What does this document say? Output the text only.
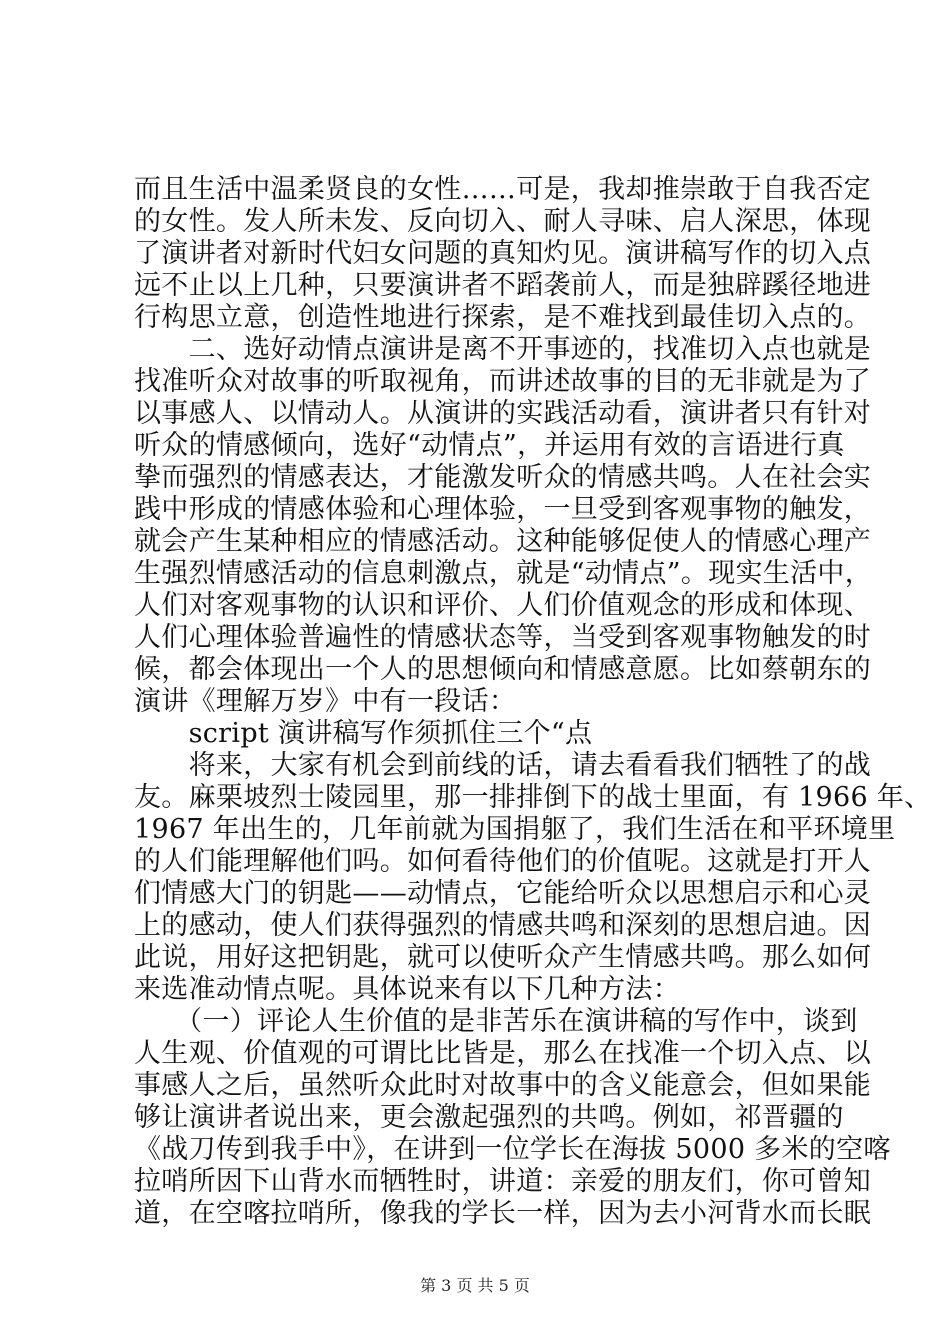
而且生活中温柔贤良的女性……可是，我却推崇敢于自我否定
的女性。发人所未发、反向切入、耐人寻味、启人深思，体现
了演讲者对新时代妇女问题的真知灼见。演讲稿写作的切入点
远不止以上几种，只要演讲者不蹈袭前人，而是独辟蹊径地进
行构思立意，创造性地进行探索，是不难找到最佳切入点的。
　　二、选好动情点演讲是离不开事迹的，找准切入点也就是
找准听众对故事的听取视角，而讲述故事的目的无非就是为了
以事感人、以情动人。从演讲的实践活动看，演讲者只有针对
听众的情感倾向，选好“动情点”，并运用有效的言语进行真
挚而强烈的情感表达，才能激发听众的情感共鸣。人在社会实
践中形成的情感体验和心理体验，一旦受到客观事物的触发，
就会产生某种相应的情感活动。这种能够促使人的情感心理产
生强烈情感活动的信息刺激点，就是“动情点”。现实生活中，
人们对客观事物的认识和评价、人们价值观念的形成和体现、
人们心理体验普遍性的情感状态等，当受到客观事物触发的时
候，都会体现出一个人的思想倾向和情感意愿。比如蔡朝东的
演讲《理解万岁》中有一段话：
　　script 演讲稿写作须抓住三个“点
　　将来，大家有机会到前线的话，请去看看我们牺牲了的战
友。麻栗坡烈士陵园里，那一排排倒下的战士里面，有 1966 年、
1967 年出生的，几年前就为国捐躯了，我们生活在和平环境里
的人们能理解他们吗。如何看待他们的价值呢。这就是打开人
们情感大门的钥匙——动情点，它能给听众以思想启示和心灵
上的感动，使人们获得强烈的情感共鸣和深刻的思想启迪。因
此说，用好这把钥匙，就可以使听众产生情感共鸣。那么如何
来选准动情点呢。具体说来有以下几种方法：
　　（一）评论人生价值的是非苦乐在演讲稿的写作中，谈到
人生观、价值观的可谓比比皆是，那么在找准一个切入点、以
事感人之后，虽然听众此时对故事中的含义能意会，但如果能
够让演讲者说出来，更会激起强烈的共鸣。例如，祁晋疆的
《战刀传到我手中》，在讲到一位学长在海拔 5000 多米的空喀
拉哨所因下山背水而牺牲时，讲道：亲爱的朋友们，你可曾知
道，在空喀拉哨所，像我的学长一样，因为去小河背水而长眠
第 3 页 共 5 页
